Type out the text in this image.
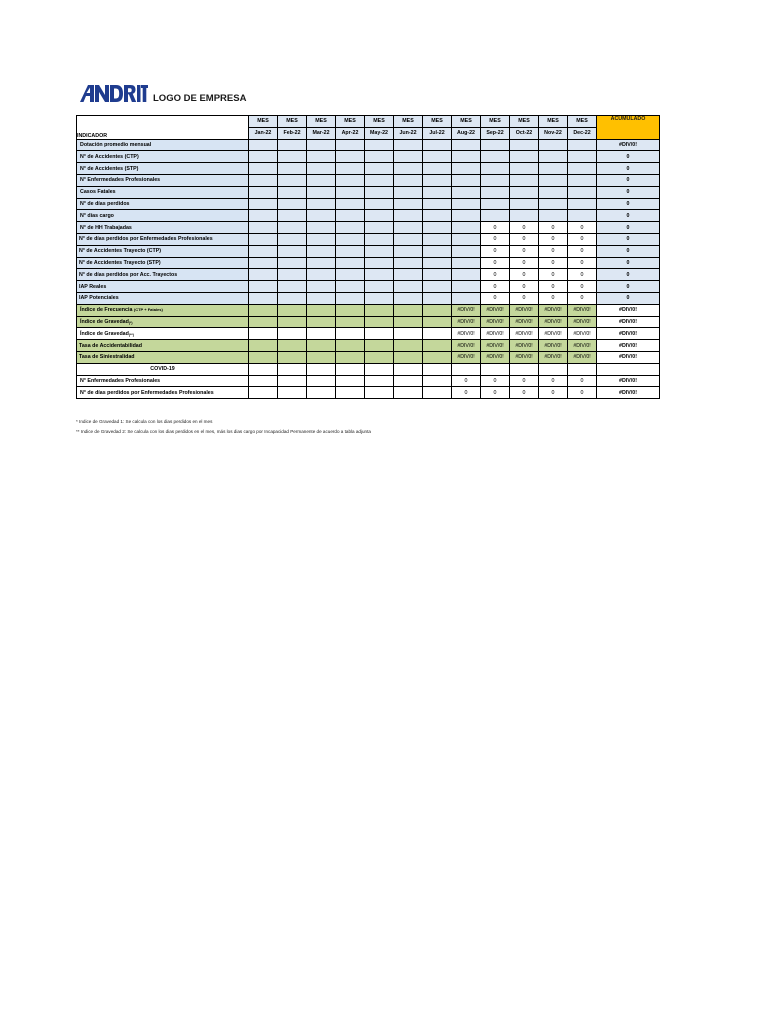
LOGO DE EMPRESA
INDICADOR	MES	MES	MES	MES	MES	MES	MES	MES	MES	MES	MES	MES	ACUMULADO
	Jan-22	Feb-22	Mar-22	Apr-22	May-22	Jun-22	Jul-22	Aug-22	Sep-22	Oct-22	Nov-22	Dec-22	
Dotación promedio mensual													#DIV/0!
N° de Accidentes (CTP)													0
N° de Accidentes (STP)													0
N° Enfermedades Profesionales													0
Casos Fatales													0
N° de días perdidos													0
N° días cargo													0
N° de HH Trabajadas									0	0	0	0	0
N° de días perdidos por Enfermedades Profesionales									0	0	0	0	0
N° de Accidentes Trayecto (CTP)									0	0	0	0	0
N° de Accidentes Trayecto (STP)									0	0	0	0	0
N° de días perdidos por Acc. Trayectos									0	0	0	0	0
IAP Reales									0	0	0	0	0
IAP Potenciales									0	0	0	0	0
Índice de Frecuencia (CTP + Fatales)								#DIV/0!	#DIV/0!	#DIV/0!	#DIV/0!	#DIV/0!	#DIV/0!
Índice de Gravedad$_{(*)}$								#DIV/0!	#DIV/0!	#DIV/0!	#DIV/0!	#DIV/0!	#DIV/0!
Índice de Gravedad$_{(**)}$								#DIV/0!	#DIV/0!	#DIV/0!	#DIV/0!	#DIV/0!	#DIV/0!
Tasa de Accidentabilidad								#DIV/0!	#DIV/0!	#DIV/0!	#DIV/0!	#DIV/0!	#DIV/0!
Tasa de Siniestralidad								#DIV/0!	#DIV/0!	#DIV/0!	#DIV/0!	#DIV/0!	#DIV/0!
COVID-19													
N° Enfermedades Profesionales								0	0	0	0	0	#DIV/0!
N° de días perdidos por Enfermedades Profesionales								0	0	0	0	0	#DIV/0!
* Indice de Gravedad 1: Se calcula con los dias perdidos en el mes
** Indice de Gravedad 2: Se calcula con los dias perdidos en el mes, más los dias cargo por Incapacidad Permanente de acuerdo a tabla adjunta
